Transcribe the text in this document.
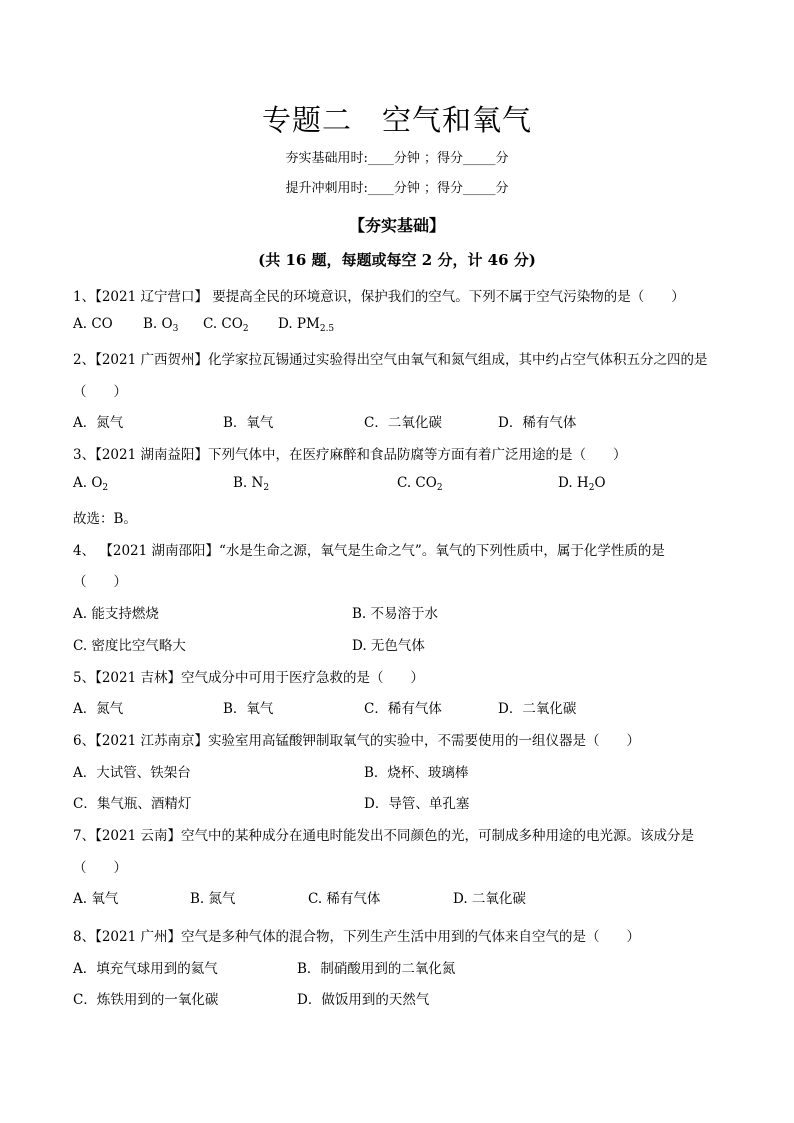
专题二　空气和氧气
夯实基础用时:____分钟 ；得分_____分
提升冲刺用时:____分钟 ；得分_____分
【夯实基础】
(共 16 题，每题或每空 2 分，计 46 分)
1、【2021 辽宁营口】 要提高全民的环境意识，保护我们的空气。下列不属于空气污染物的是（　　）
A. CO B. $O_3$ C. $CO_2$ D. $PM_{2.5}$
2、【2021 广西贺州】化学家拉瓦锡通过实验得出空气由氧气和氮气组成，其中约占空气体积五分之四的是
（　　）
A．氮气	B．氧气	C．二氧化碳	D．稀有气体
3、【2021 湖南益阳】下列气体中，在医疗麻醉和食品防腐等方面有着广泛用途的是（　　）
A. $O_2$	B. $N_2$	C. $CO_2$	D. $H_2O$
故选：B。
4、 【2021 湖南邵阳】“水是生命之源，氧气是生命之气”。氧气的下列性质中，属于化学性质的是
（　　）
A. 能支持燃烧	B. 不易溶于水
C. 密度比空气略大	D. 无色气体
5、【2021 吉林】空气成分中可用于医疗急救的是（　　）
A．氮气	B．氧气	C．稀有气体	D．二氧化碳
6、【2021 江苏南京】实验室用高锰酸钾制取氧气的实验中，不需要使用的一组仪器是（　　）
A．大试管、铁架台	B．烧杯、玻璃棒
C．集气瓶、酒精灯	D．导管、单孔塞
7、【2021 云南】空气中的某种成分在通电时能发出不同颜色的光，可制成多种用途的电光源。该成分是
（　　）
A. 氧气	B. 氮气	C. 稀有气体	D. 二氧化碳
8、【2021 广州】空气是多种气体的混合物，下列生产生活中用到的气体来自空气的是（　　）
A．填充气球用到的氦气	B．制硝酸用到的二氧化氮
C．炼铁用到的一氧化碳	D．做饭用到的天然气
